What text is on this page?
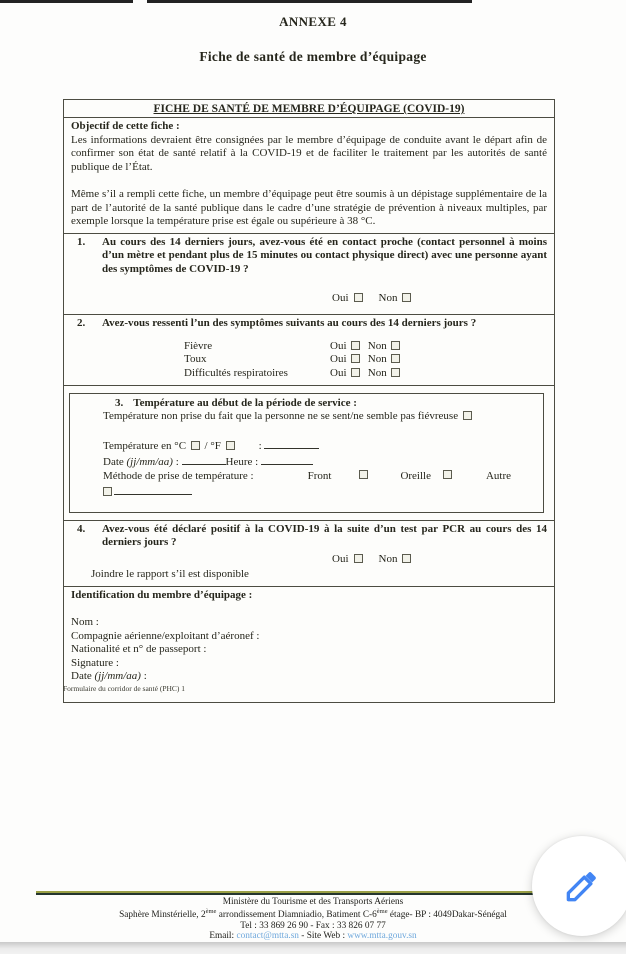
ANNEXE 4
Fiche de santé de membre d’équipage
FICHE DE SANTÉ DE MEMBRE D’ÉQUIPAGE (COVID-19)
Objectif de cette fiche :
Les informations devraient être consignées par le membre d’équipage de conduite avant le départ afin de confirmer son état de santé relatif à la COVID-19 et de faciliter le traitement par les autorités de santé publique de l’État.
Même s’il a rempli cette fiche, un membre d’équipage peut être soumis à un dépistage supplémentaire de la part de l’autorité de la santé publique dans le cadre d’une stratégie de prévention à niveaux multiples, par exemple lorsque la température prise est égale ou supérieure à 38 °C.
1.	Au cours des 14 derniers jours, avez-vous été en contact proche (contact personnel à moins d’un mètre et pendant plus de 15 minutes ou contact physique direct) avec une personne ayant des symptômes de COVID-19 ?
Oui	Non
2.	Avez-vous ressenti l’un des symptômes suivants au cours des 14 derniers jours ?
Fièvre	Oui Non
Toux	Oui Non
Difficultés respiratoires	Oui Non
3. Température au début de la période de service :
Température non prise du fait que la personne ne se sent/ne semble pas fiévreuse
Température en °C / °F	:
Date (jj/mm/aa) :	Heure :
Méthode de prise de température :	Front	Oreille	Autre
4.	Avez-vous été déclaré positif à la COVID-19 à la suite d’un test par PCR au cours des 14 derniers jours ?
Oui	Non
Joindre le rapport s’il est disponible
Identification du membre d’équipage :
Nom :
Compagnie aérienne/exploitant d’aéronef :
Nationalité et n° de passeport :
Signature :
Date (jj/mm/aa) :
Formulaire du corridor de santé (PHC) 1
Ministère du Tourisme et des Transports Aériens
Saphère Minstérielle, 2ème arrondissement Diamniadio, Batiment C-6ème étage- BP : 4049Dakar-Sénégal
Tel : 33 869 26 90 - Fax : 33 826 07 77
Email: contact@mtta.sn - Site Web : www.mtta.gouv.sn
